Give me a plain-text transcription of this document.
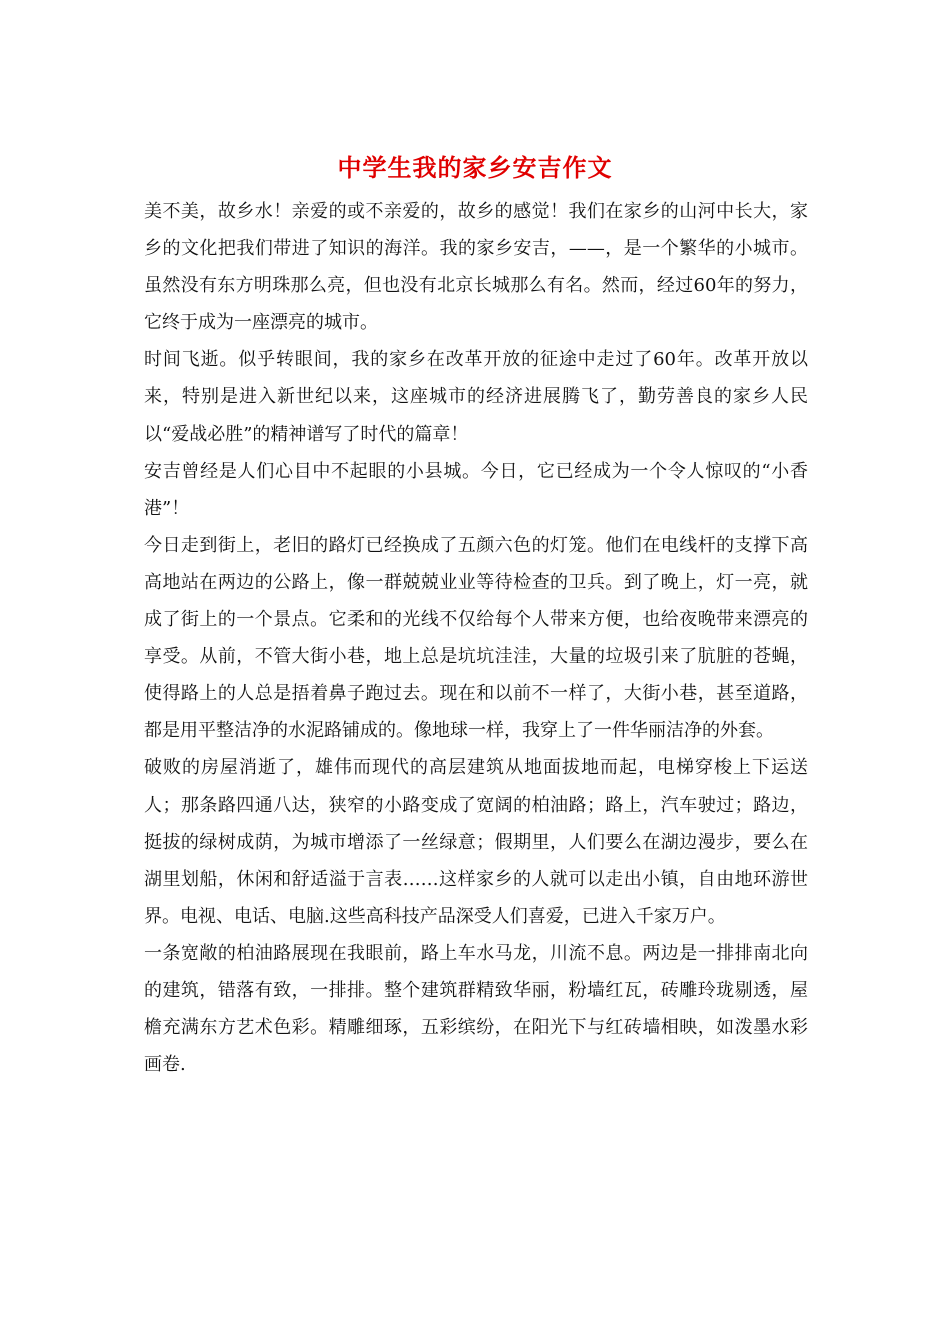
中学生我的家乡安吉作文

美不美，故乡水！亲爱的或不亲爱的，故乡的感觉！我们在家乡的山河中长大，家乡的文化把我们带进了知识的海洋。我的家乡安吉，——，是一个繁华的小城市。虽然没有东方明珠那么亮，但也没有北京长城那么有名。然而，经过60年的努力，它终于成为一座漂亮的城市。

时间飞逝。似乎转眼间，我的家乡在改革开放的征途中走过了60年。改革开放以来，特别是进入新世纪以来，这座城市的经济进展腾飞了，勤劳善良的家乡人民以“爱战必胜”的精神谱写了时代的篇章！

安吉曾经是人们心目中不起眼的小县城。今日，它已经成为一个令人惊叹的“小香港”！

今日走到街上，老旧的路灯已经换成了五颜六色的灯笼。他们在电线杆的支撑下高高地站在两边的公路上，像一群兢兢业业等待检查的卫兵。到了晚上，灯一亮，就成了街上的一个景点。它柔和的光线不仅给每个人带来方便，也给夜晚带来漂亮的享受。从前，不管大街小巷，地上总是坑坑洼洼，大量的垃圾引来了肮脏的苍蝇，使得路上的人总是捂着鼻子跑过去。现在和以前不一样了，大街小巷，甚至道路，都是用平整洁净的水泥路铺成的。像地球一样，我穿上了一件华丽洁净的外套。

破败的房屋消逝了，雄伟而现代的高层建筑从地面拔地而起，电梯穿梭上下运送人；那条路四通八达，狭窄的小路变成了宽阔的柏油路；路上，汽车驶过；路边，挺拔的绿树成荫，为城市增添了一丝绿意；假期里，人们要么在湖边漫步，要么在湖里划船，休闲和舒适溢于言表……这样家乡的人就可以走出小镇，自由地环游世界。电视、电话、电脑.这些高科技产品深受人们喜爱，已进入千家万户。

一条宽敞的柏油路展现在我眼前，路上车水马龙，川流不息。两边是一排排南北向的建筑，错落有致，一排排。整个建筑群精致华丽，粉墙红瓦，砖雕玲珑剔透，屋檐充满东方艺术色彩。精雕细琢，五彩缤纷，在阳光下与红砖墙相映，如泼墨水彩画卷.
